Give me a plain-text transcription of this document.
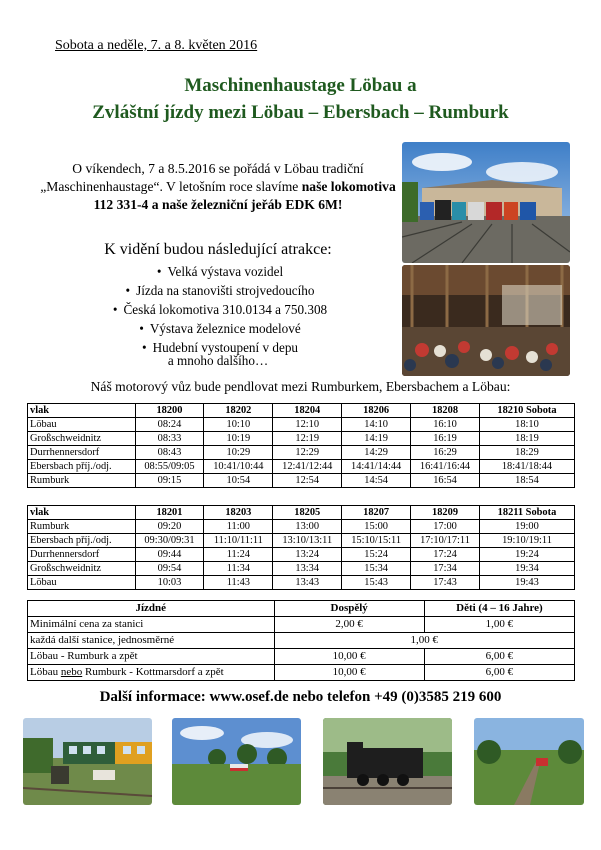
Sobota a neděle, 7. a 8. květen 2016
Maschinenhaustage Löbau a
Zvláštní jízdy mezi Löbau – Ebersbach – Rumburk
O víkendech, 7 a 8.5.2016 se pořádá v Löbau tradiční „Maschinenhaustage“. V letošním roce slavíme naše lokomotiva 112 331-4 a naše železniční jeřáb EDK 6M!
K vidění budou následující atrakce:
• Velká výstava vozidel
• Jízda na stanovišti strojvedoucího
• Česká lokomotiva 310.0134 a 750.308
• Výstava železnice modelové
• Hudební vystoupení v depu
a mnoho dalšího…
Náš motorový vůz bude pendlovat mezi Rumburkem, Ebersbachem a Löbau:
vlak	18200	18202	18204	18206	18208	18210 Sobota
Löbau	08:24	10:10	12:10	14:10	16:10	18:10
Großschweidnitz	08:33	10:19	12:19	14:19	16:19	18:19
Durrhennersdorf	08:43	10:29	12:29	14:29	16:29	18:29
Ebersbach příj./odj.	08:55/09:05	10:41/10:44	12:41/12:44	14:41/14:44	16:41/16:44	18:41/18:44
Rumburk	09:15	10:54	12:54	14:54	16:54	18:54
vlak	18201	18203	18205	18207	18209	18211 Sobota
Rumburk	09:20	11:00	13:00	15:00	17:00	19:00
Ebersbach příj./odj.	09:30/09:31	11:10/11:11	13:10/13:11	15:10/15:11	17:10/17:11	19:10/19:11
Durrhennersdorf	09:44	11:24	13:24	15:24	17:24	19:24
Großschweidnitz	09:54	11:34	13:34	15:34	17:34	19:34
Löbau	10:03	11:43	13:43	15:43	17:43	19:43
Jízdné	Dospělý	Děti (4 – 16 Jahre)
Minimální cena za stanici	2,00 €	1,00 €
každá další stanice, jednosměrné	1,00 €	
Löbau - Rumburk a zpět	10,00 €	6,00 €
Löbau nebo Rumburk - Kottmarsdorf a zpět	10,00 €	6,00 €
Další informace: www.osef.de nebo telefon +49 (0)3585 219 600
